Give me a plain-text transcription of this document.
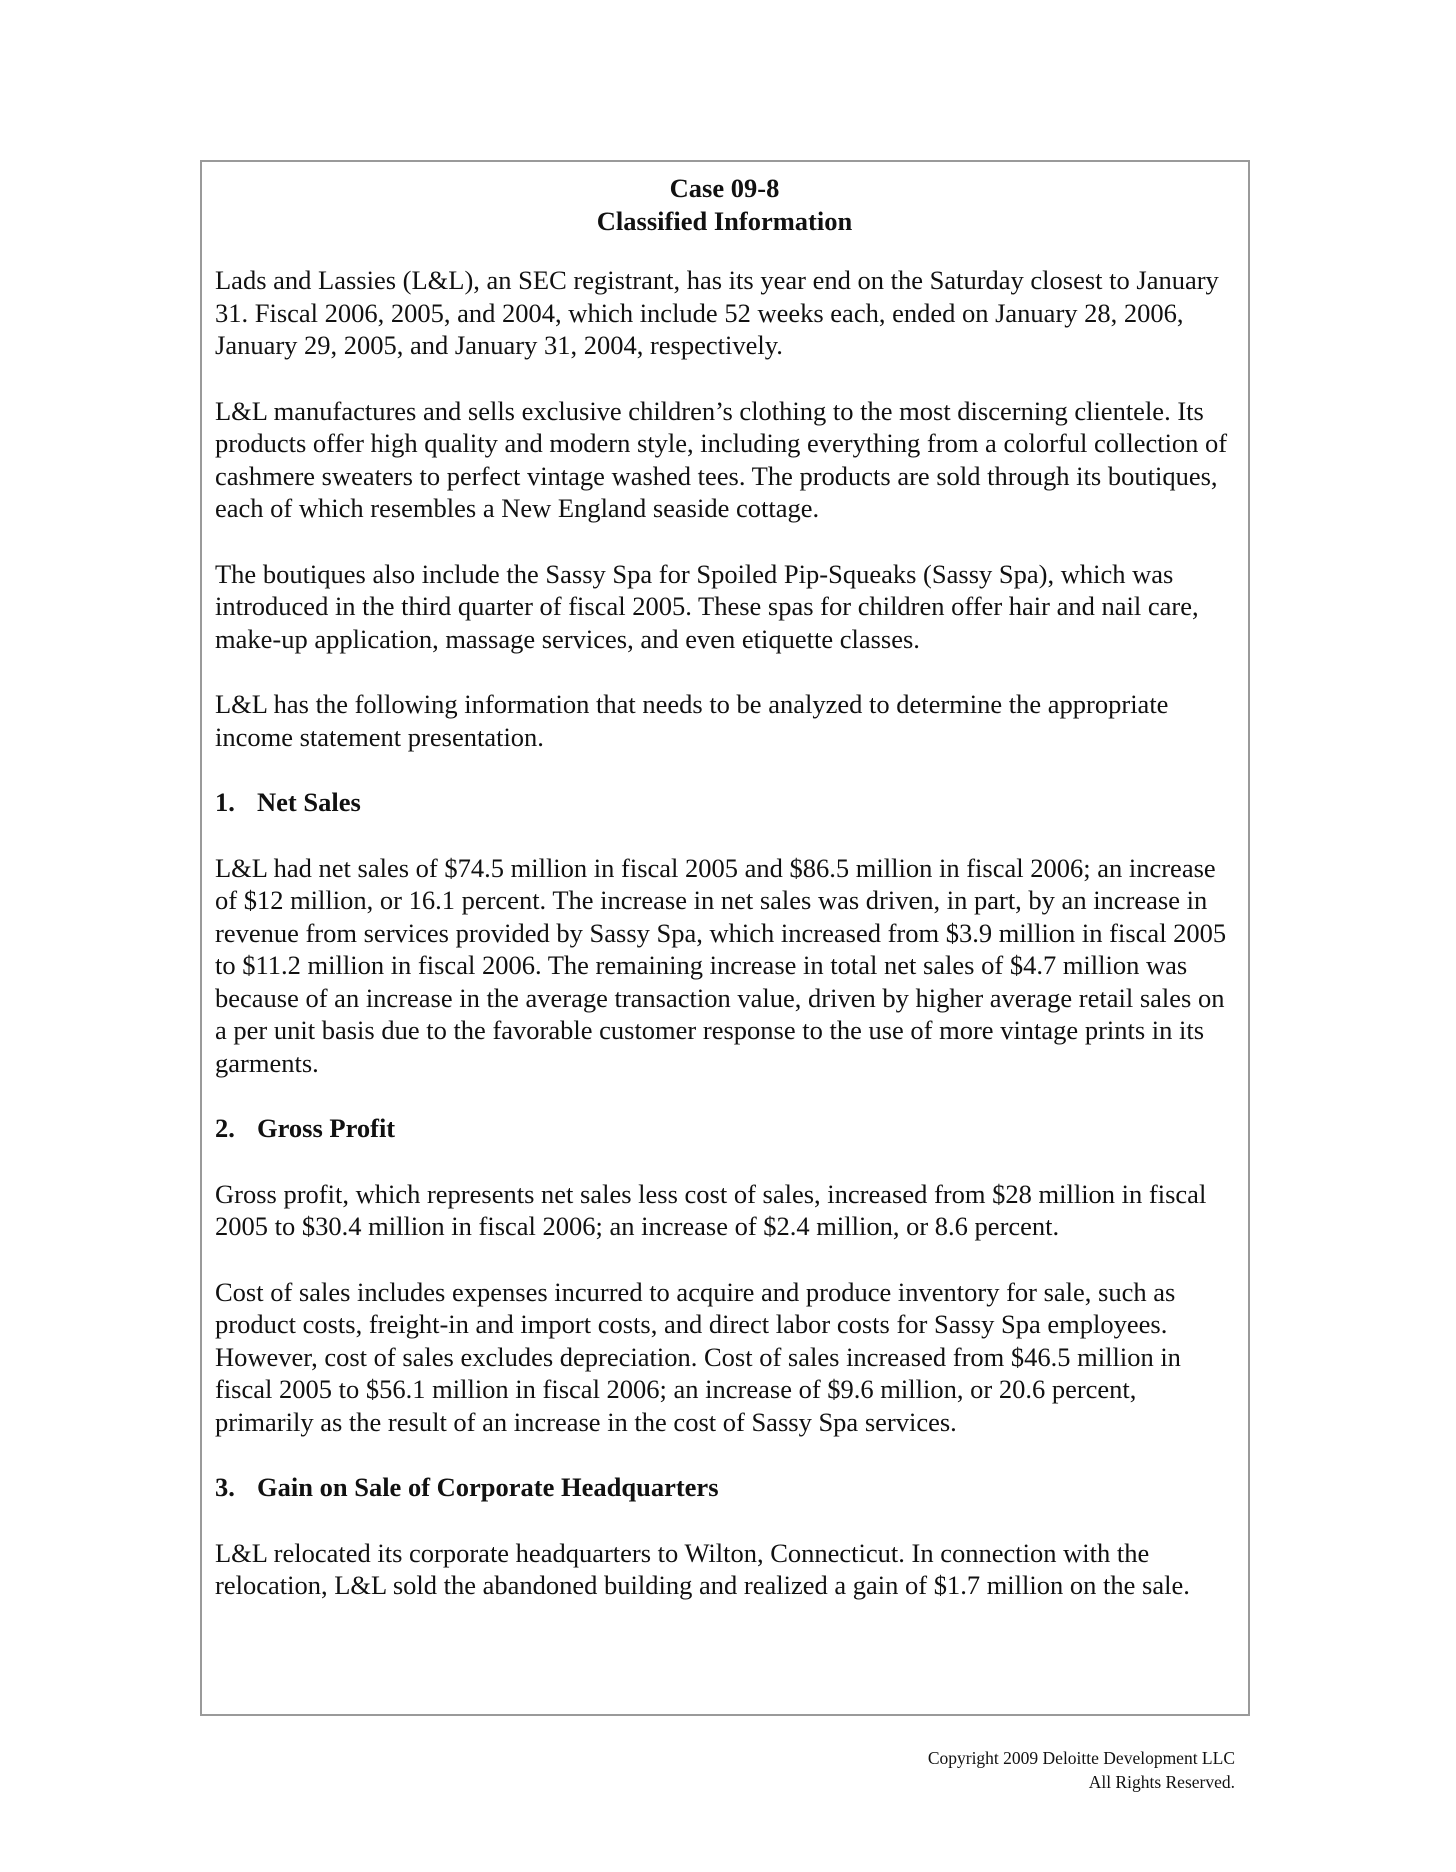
Case 09-8

Classified Information

Lads and Lassies (L&L), an SEC registrant, has its year end on the Saturday closest to January 31. Fiscal 2006, 2005, and 2004, which include 52 weeks each, ended on January 28, 2006, January 29, 2005, and January 31, 2004, respectively.

L&L manufactures and sells exclusive children’s clothing to the most discerning clientele. Its products offer high quality and modern style, including everything from a colorful collection of cashmere sweaters to perfect vintage washed tees. The products are sold through its boutiques, each of which resembles a New England seaside cottage.

The boutiques also include the Sassy Spa for Spoiled Pip-Squeaks (Sassy Spa), which was introduced in the third quarter of fiscal 2005. These spas for children offer hair and nail care, make-up application, massage services, and even etiquette classes.

L&L has the following information that needs to be analyzed to determine the appropriate income statement presentation.

1. Net Sales

L&L had net sales of $74.5 million in fiscal 2005 and $86.5 million in fiscal 2006; an increase of $12 million, or 16.1 percent. The increase in net sales was driven, in part, by an increase in revenue from services provided by Sassy Spa, which increased from $3.9 million in fiscal 2005 to $11.2 million in fiscal 2006. The remaining increase in total net sales of $4.7 million was because of an increase in the average transaction value, driven by higher average retail sales on a per unit basis due to the favorable customer response to the use of more vintage prints in its garments.

2. Gross Profit

Gross profit, which represents net sales less cost of sales, increased from $28 million in fiscal 2005 to $30.4 million in fiscal 2006; an increase of $2.4 million, or 8.6 percent.

Cost of sales includes expenses incurred to acquire and produce inventory for sale, such as product costs, freight-in and import costs, and direct labor costs for Sassy Spa employees. However, cost of sales excludes depreciation. Cost of sales increased from $46.5 million in fiscal 2005 to $56.1 million in fiscal 2006; an increase of $9.6 million, or 20.6 percent, primarily as the result of an increase in the cost of Sassy Spa services.

3. Gain on Sale of Corporate Headquarters

L&L relocated its corporate headquarters to Wilton, Connecticut. In connection with the relocation, L&L sold the abandoned building and realized a gain of $1.7 million on the sale.

Copyright 2009 Deloitte Development LLC
All Rights Reserved.
